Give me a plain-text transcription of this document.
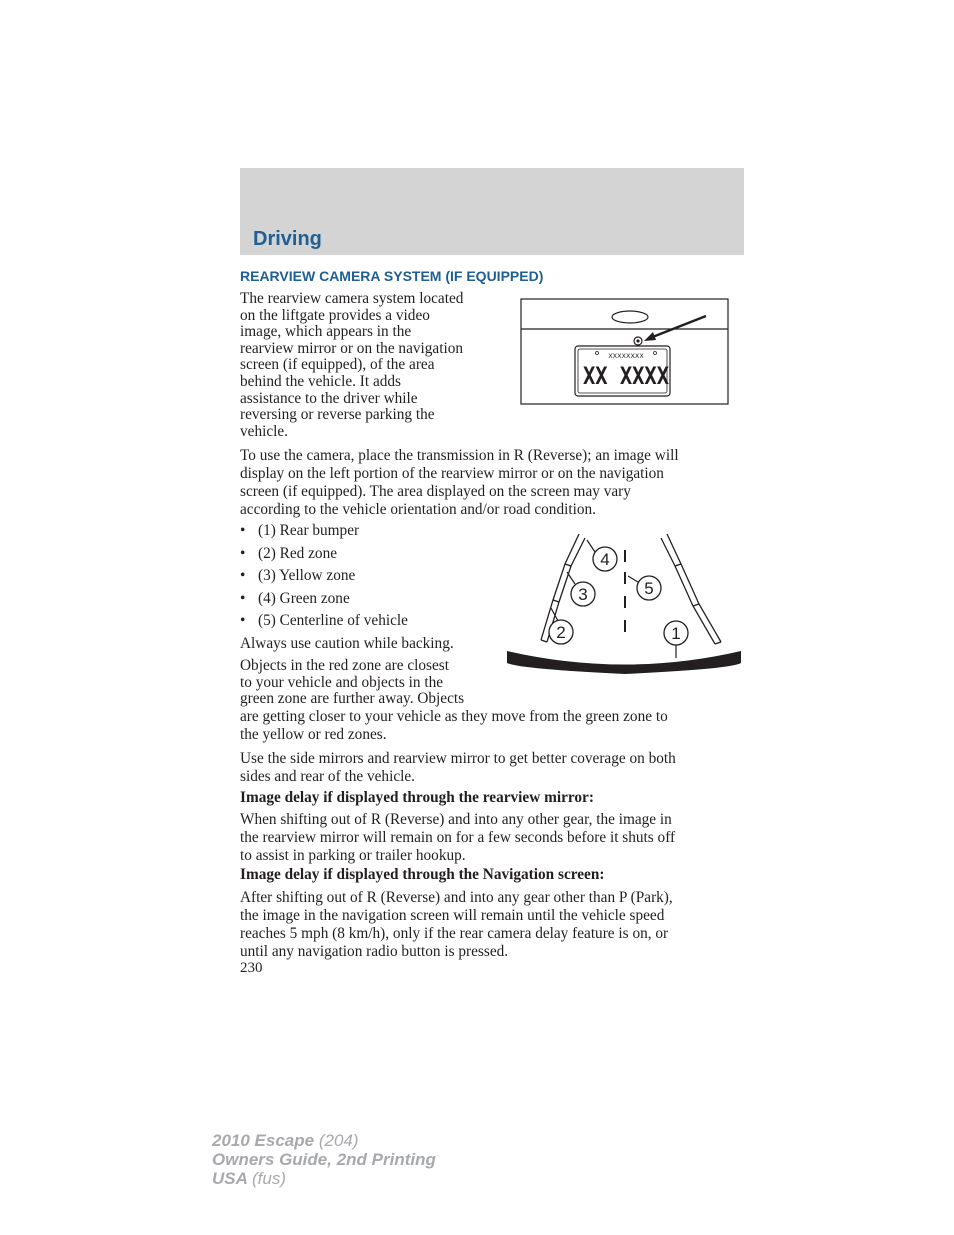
Driving
REARVIEW CAMERA SYSTEM (IF EQUIPPED)
The rearview camera system located
on the liftgate provides a video
image, which appears in the
rearview mirror or on the navigation
screen (if equipped), of the area
behind the vehicle. It adds
assistance to the driver while
reversing or reverse parking the
vehicle.
XXXXXXXX
XX XXXX
To use the camera, place the transmission in R (Reverse); an image will
display on the left portion of the rearview mirror or on the navigation
screen (if equipped). The area displayed on the screen may vary
according to the vehicle orientation and/or road condition.
• (1) Rear bumper
• (2) Red zone
• (3) Yellow zone
• (4) Green zone
• (5) Centerline of vehicle
Always use caution while backing.
Objects in the red zone are closest
to your vehicle and objects in the
green zone are further away. Objects
are getting closer to your vehicle as they move from the green zone to
the yellow or red zones.
1
2
3
4
5
Use the side mirrors and rearview mirror to get better coverage on both
sides and rear of the vehicle.
Image delay if displayed through the rearview mirror:
When shifting out of R (Reverse) and into any other gear, the image in
the rearview mirror will remain on for a few seconds before it shuts off
to assist in parking or trailer hookup.
Image delay if displayed through the Navigation screen:
After shifting out of R (Reverse) and into any gear other than P (Park),
the image in the navigation screen will remain until the vehicle speed
reaches 5 mph (8 km/h), only if the rear camera delay feature is on, or
until any navigation radio button is pressed.
230
2010 Escape (204)
Owners Guide, 2nd Printing
USA (fus)
